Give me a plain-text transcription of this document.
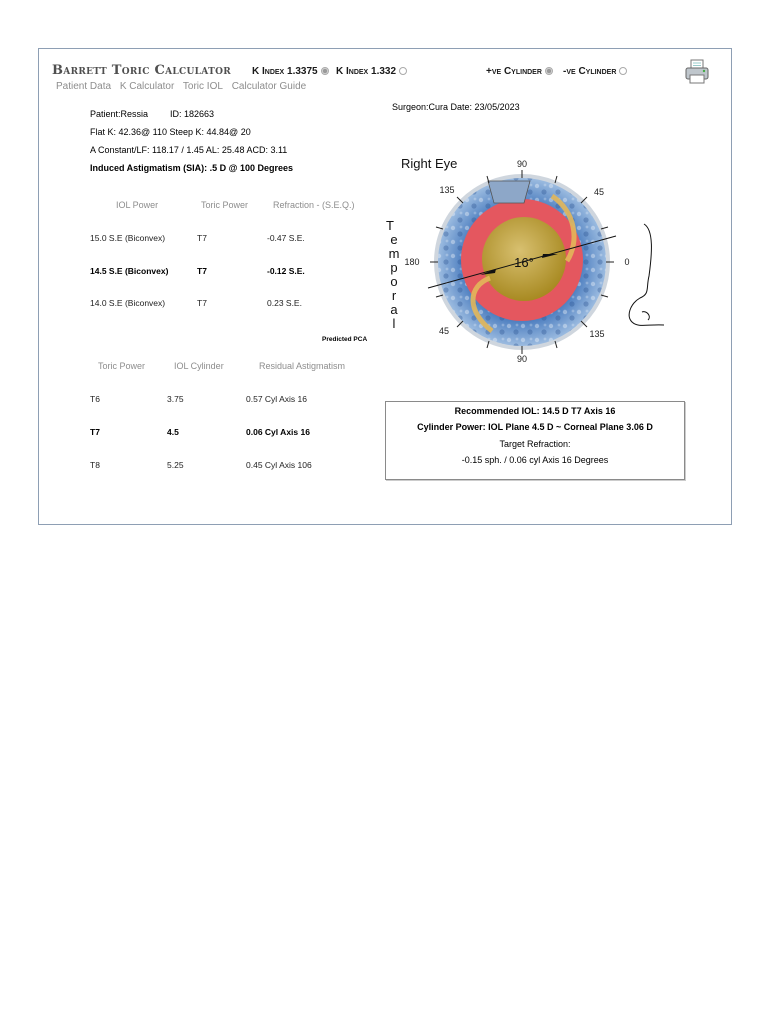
Barrett Toric Calculator K Index 1.3375	K Index 1.332	+ve Cylinder	-ve Cylinder
Patient Data K Calculator Toric IOL Calculator Guide
Patient:Ressia ID: 182663
Surgeon:Cura Date: 23/05/2023
Flat K: 42.36@ 110 Steep K: 44.84@ 20
A Constant/LF: 118.17 / 1.45 AL: 25.48 ACD: 3.11
Induced Astigmatism (SIA): .5 D @ 100 Degrees
IOL Power	Toric Power	Refraction - (S.E.Q.)
15.0 S.E (Biconvex)	T7	-0.47 S.E.
14.5 S.E (Biconvex)	T7	-0.12 S.E.
14.0 S.E (Biconvex)	T7	0.23 S.E.
Predicted PCA
Toric Power	IOL Cylinder	Residual Astigmatism
T6	3.75	0.57 Cyl Axis 16
T7	4.5	0.06 Cyl Axis 16
T8	5.25	0.45 Cyl Axis 106
Right Eye
T
e
m
p
o
r
a
l
90
135	45
180	0
45	135
90
16°
Recommended IOL: 14.5 D T7 Axis 16
Cylinder Power: IOL Plane 4.5 D ~ Corneal Plane 3.06 D
Target Refraction:
-0.15 sph. / 0.06 cyl Axis 16 Degrees
